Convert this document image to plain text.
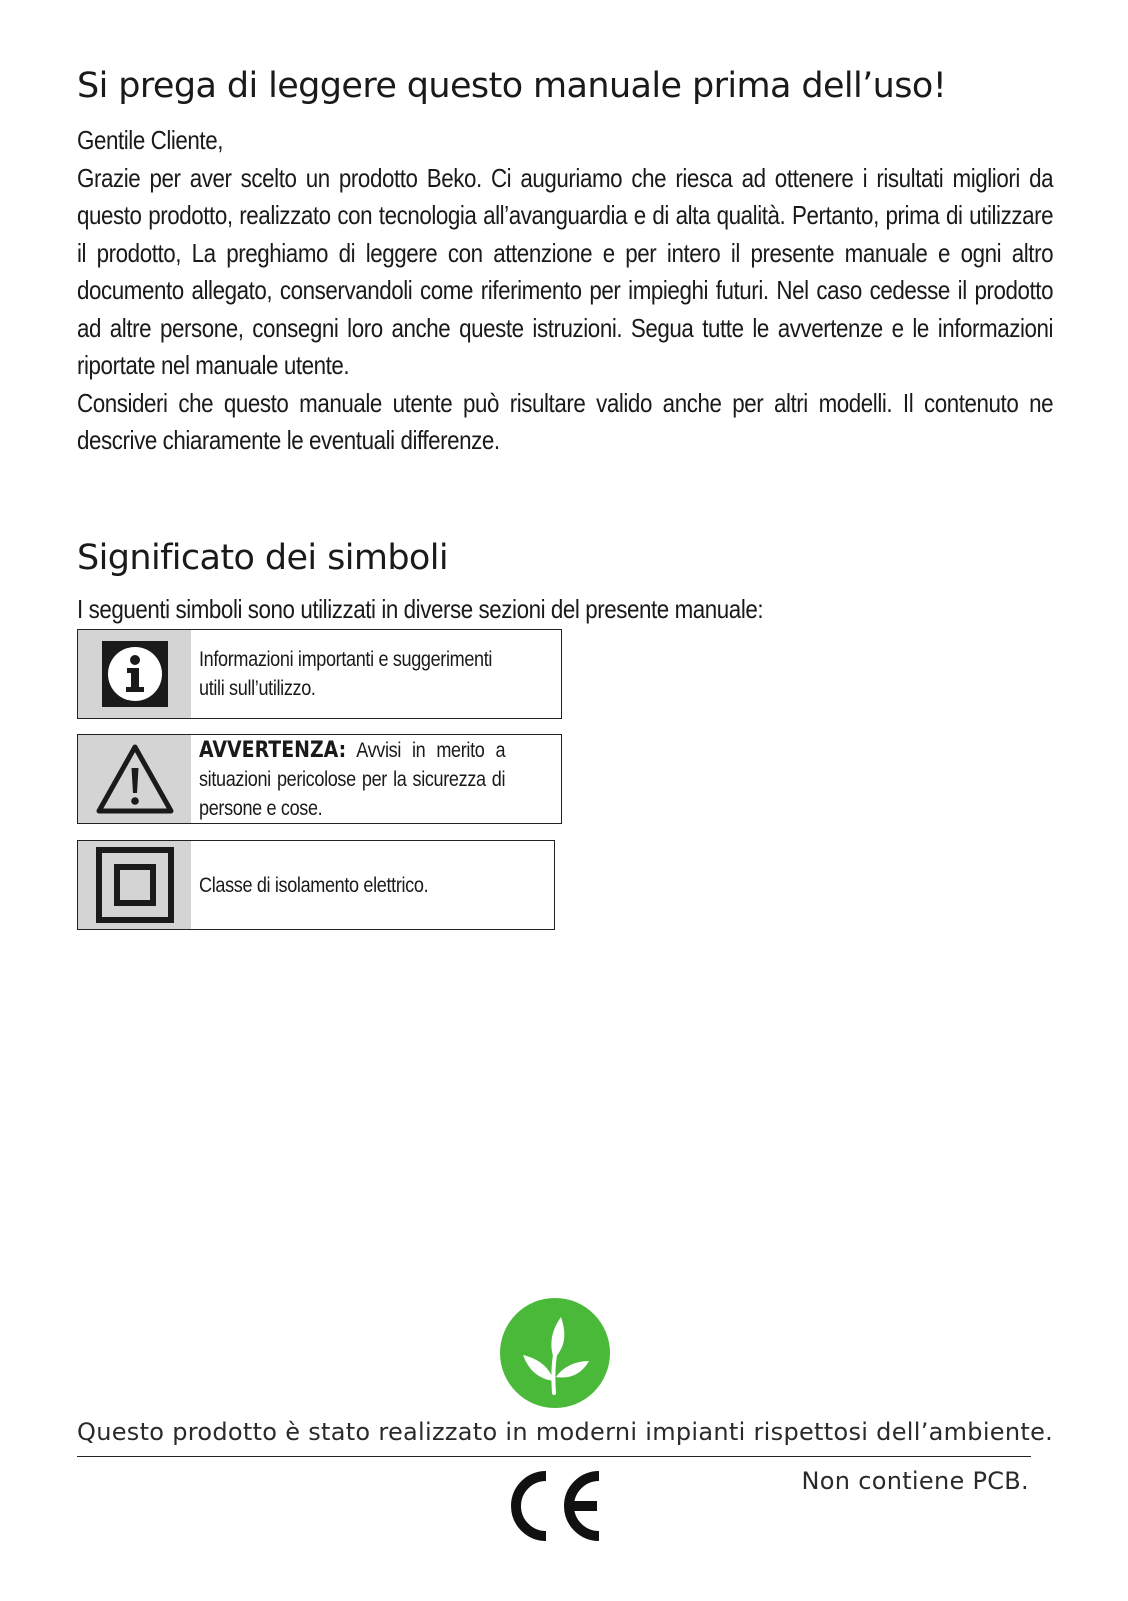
Si prega di leggere questo manuale prima dell’uso!

Gentile Cliente,

Grazie per aver scelto un prodotto Beko. Ci auguriamo che riesca ad ottenere i risultati migliori da questo prodotto, realizzato con tecnologia all’avanguardia e di alta qualità. Pertanto, prima di utilizzare il prodotto, La preghiamo di leggere con attenzione e per intero il presente manuale e ogni altro documento allegato, conservandoli come riferimento per impieghi futuri. Nel caso cedesse il prodotto ad altre persone, consegni loro anche queste istruzioni. Segua tutte le avvertenze e le informazioni riportate nel manuale utente.

Consideri che questo manuale utente può risultare valido anche per altri modelli. Il contenuto ne descrive chiaramente le eventuali differenze.

Significato dei simboli

I seguenti simboli sono utilizzati in diverse sezioni del presente manuale:

Informazioni importanti e suggerimenti utili sull’utilizzo.
AVVERTENZA: Avvisi in merito a situazioni pericolose per la sicurezza di persone e cose.
Classe di isolamento elettrico.

Questo prodotto è stato realizzato in moderni impianti rispettosi dell’ambiente.

Non contiene PCB.
